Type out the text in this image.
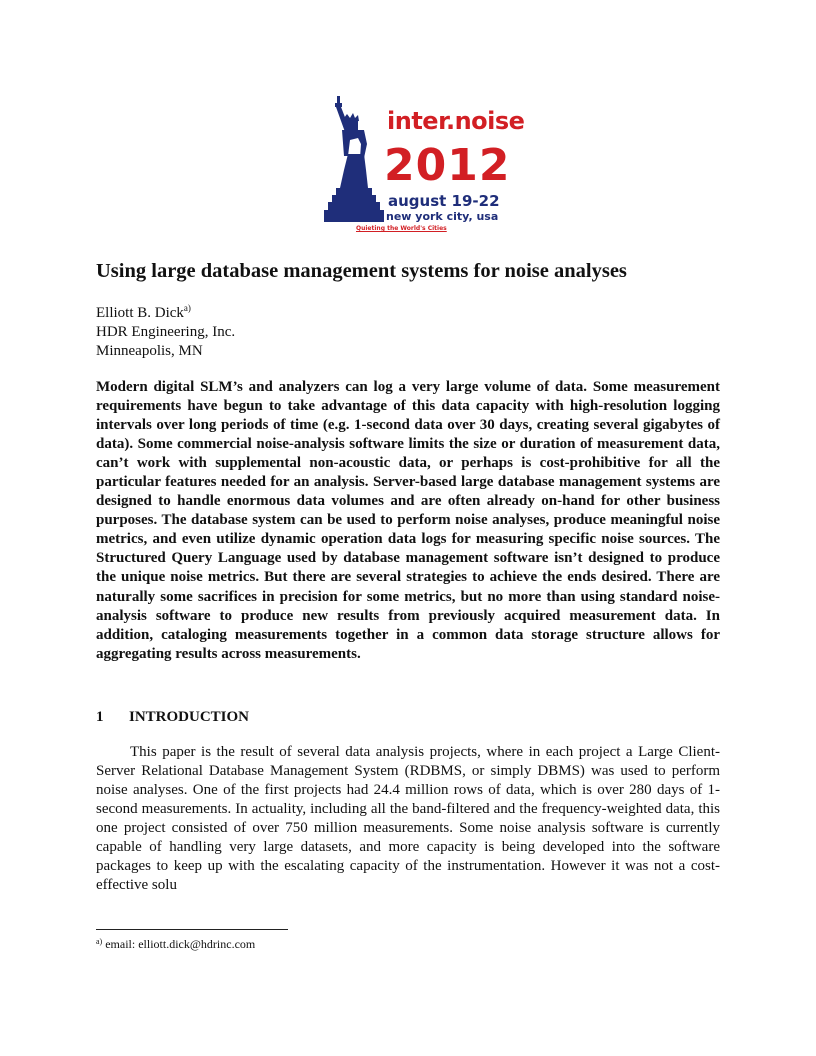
inter.noise
2012
august 19-22
new york city, usa
Quieting the World's Cities
Using large database management systems for noise analyses
Elliott B. Dick$^{a)}$
HDR Engineering, Inc.
Minneapolis, MN

Modern digital SLM’s and analyzers can log a very large volume of data. Some measurement requirements have begun to take advantage of this data capacity with high-resolution logging intervals over long periods of time (e.g. 1-second data over 30 days, creating several gigabytes of data). Some commercial noise-analysis software limits the size or duration of measurement data, can’t work with supplemental non-acoustic data, or perhaps is cost-prohibitive for all the particular features needed for an analysis. Server-based large database management systems are designed to handle enormous data volumes and are often already on-hand for other business purposes. The database system can be used to perform noise analyses, produce meaningful noise metrics, and even utilize dynamic operation data logs for measuring specific noise sources. The Structured Query Language used by database management software isn’t designed to produce the unique noise metrics. But there are several strategies to achieve the ends desired. There are naturally some sacrifices in precision for some metrics, but no more than using standard noise-analysis software to produce new results from previously acquired measurement data. In addition, cataloging measurements together in a common data storage structure allows for aggregating results across measurements.

1 INTRODUCTION

This paper is the result of several data analysis projects, where in each project a Large Client-Server Relational Database Management System (RDBMS, or simply DBMS) was used to perform noise analyses. One of the first projects had 24.4 million rows of data, which is over 280 days of 1-second measurements. In actuality, including all the band-filtered and the frequency-weighted data, this one project consisted of over 750 million measurements. Some noise analysis software is currently capable of handling very large datasets, and more capacity is being developed into the software packages to keep up with the escalating capacity of the instrumentation. However it was not a cost-effective solu

$^{a)}$ email: elliott.dick@hdrinc.com
